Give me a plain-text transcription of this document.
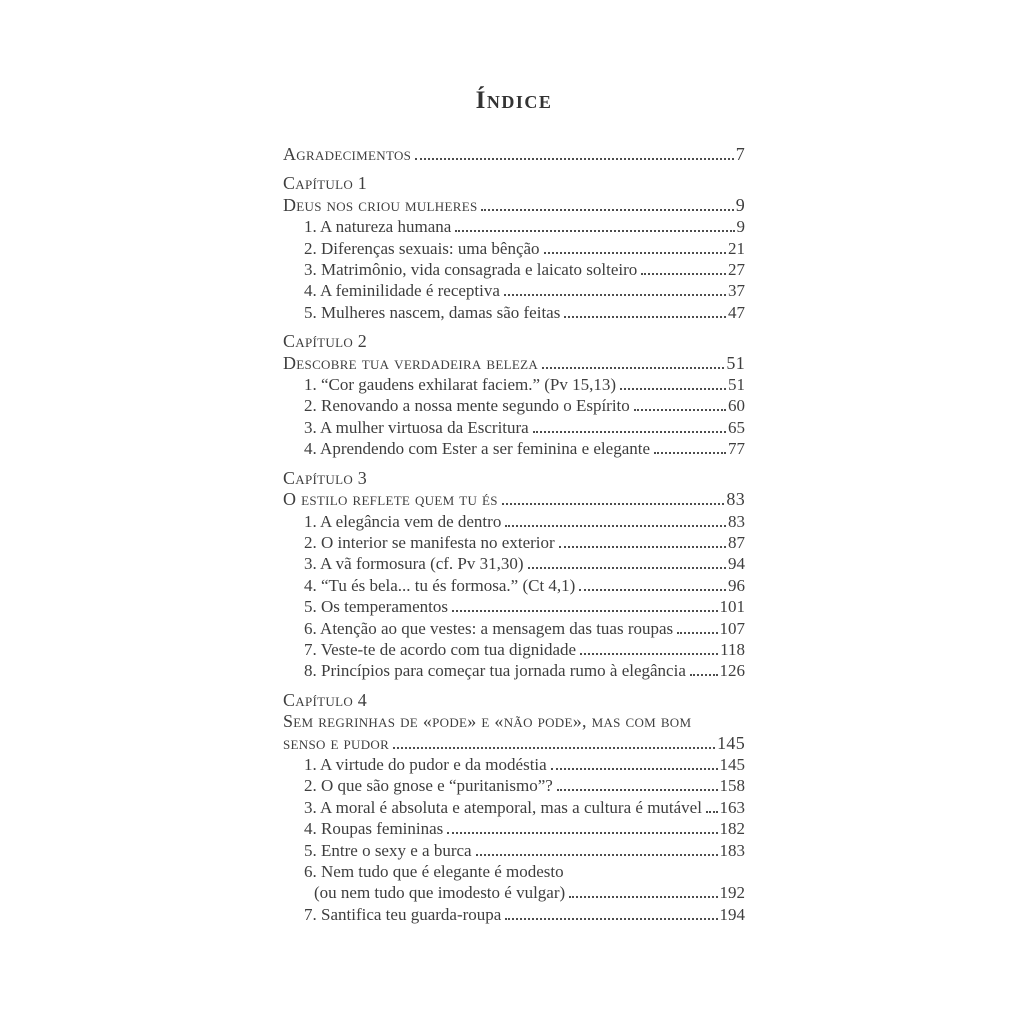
Índice
Agradecimentos	7
Capítulo 1
Deus nos criou mulheres	9
1. A natureza humana	9
2. Diferenças sexuais: uma bênção	21
3. Matrimônio, vida consagrada e laicato solteiro	27
4. A feminilidade é receptiva	37
5. Mulheres nascem, damas são feitas	47
Capítulo 2
Descobre tua verdadeira beleza	51
1. “Cor gaudens exhilarat faciem.” (Pv 15,13)	51
2. Renovando a nossa mente segundo o Espírito	60
3. A mulher virtuosa da Escritura	65
4. Aprendendo com Ester a ser feminina e elegante	77
Capítulo 3
O estilo reflete quem tu és	83
1. A elegância vem de dentro	83
2. O interior se manifesta no exterior	87
3. A vã formosura (cf. Pv 31,30)	94
4. “Tu és bela... tu és formosa.” (Ct 4,1)	96
5. Os temperamentos	101
6. Atenção ao que vestes: a mensagem das tuas roupas	107
7. Veste-te de acordo com tua dignidade	118
8. Princípios para começar tua jornada rumo à elegância 126
Capítulo 4
Sem regrinhas de «pode» e «não pode», mas com bom
senso e pudor	145
1. A virtude do pudor e da modéstia	145
2. O que são gnose e “puritanismo”?	158
3. A moral é absoluta e atemporal, mas a cultura é mutável 163
4. Roupas femininas	182
5. Entre o sexy e a burca	183
6. Nem tudo que é elegante é modesto
(ou nem tudo que imodesto é vulgar)	192
7. Santifica teu guarda-roupa	194
